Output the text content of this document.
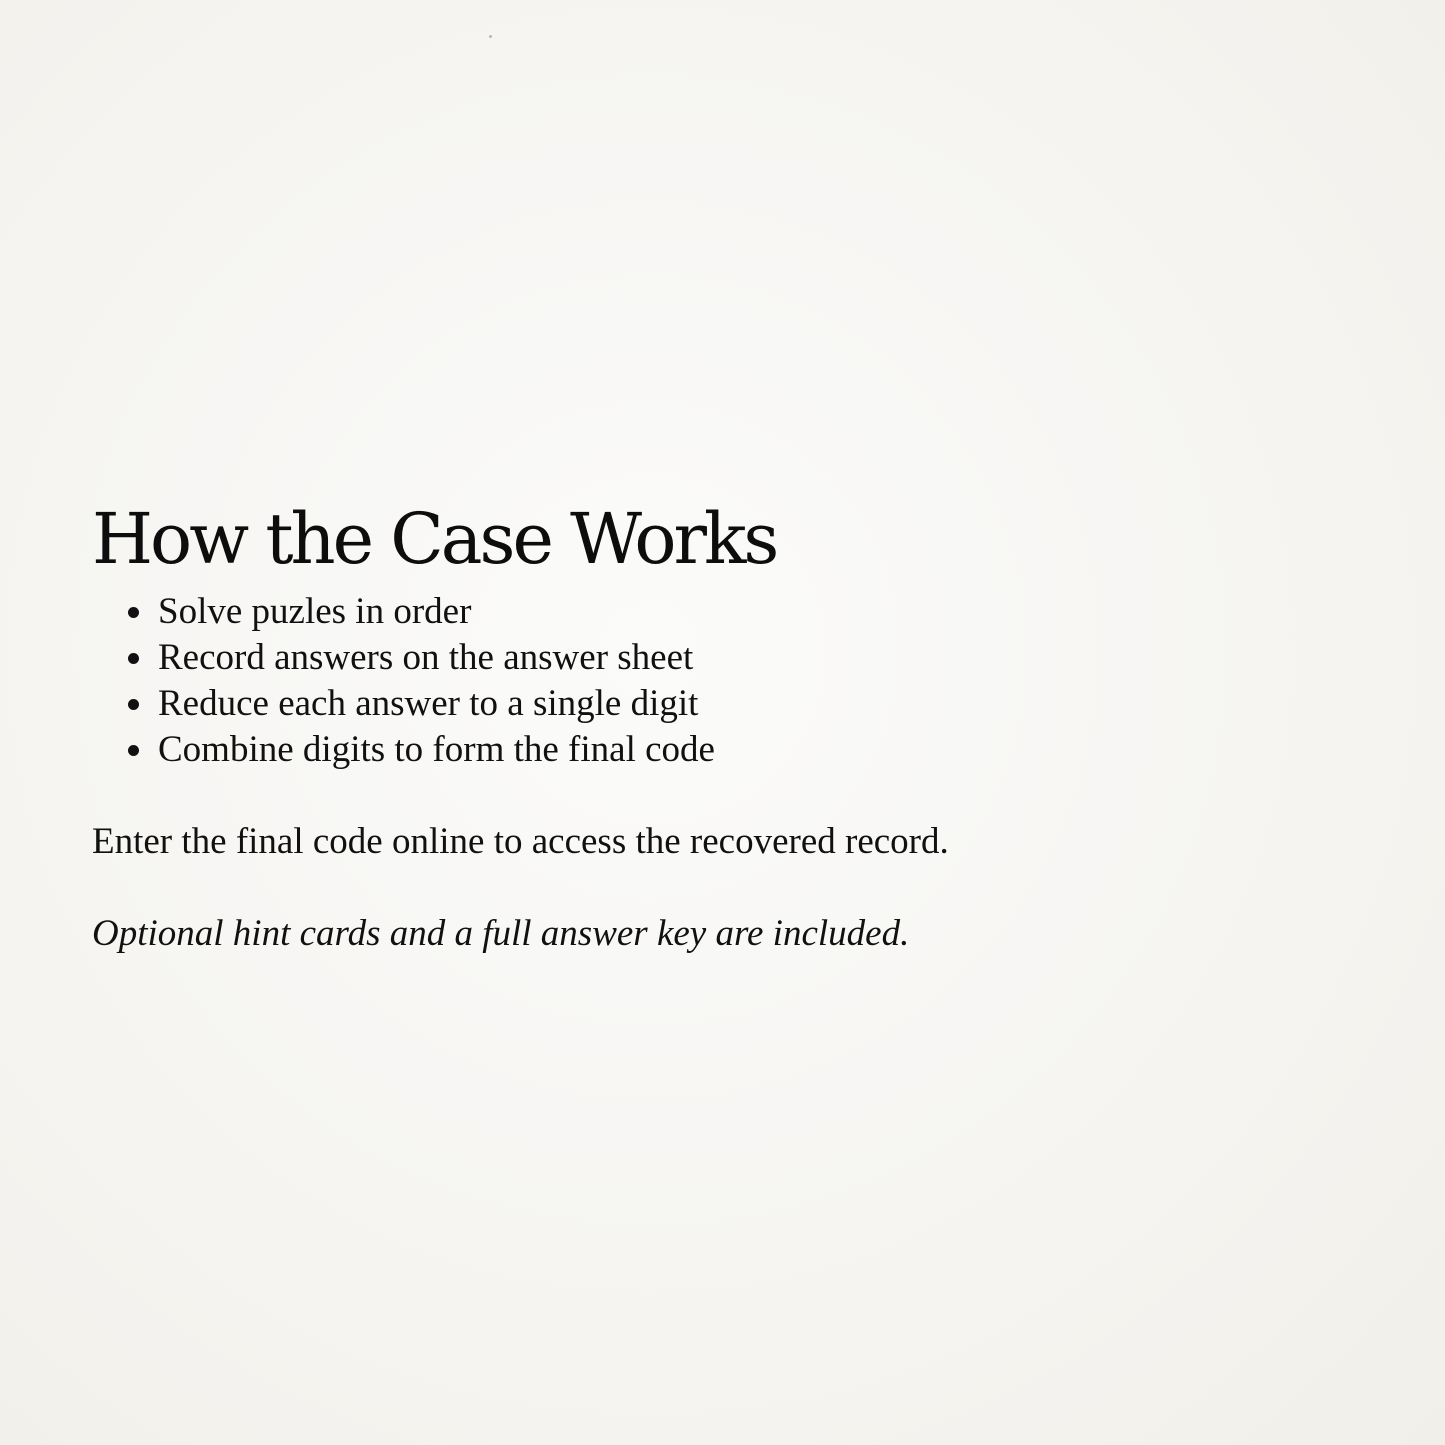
How the Case Works
Solve puzles in order
Record answers on the answer sheet
Reduce each answer to a single digit
Combine digits to form the final code

Enter the final code online to access the recovered record.

Optional hint cards and a full answer key are included.
